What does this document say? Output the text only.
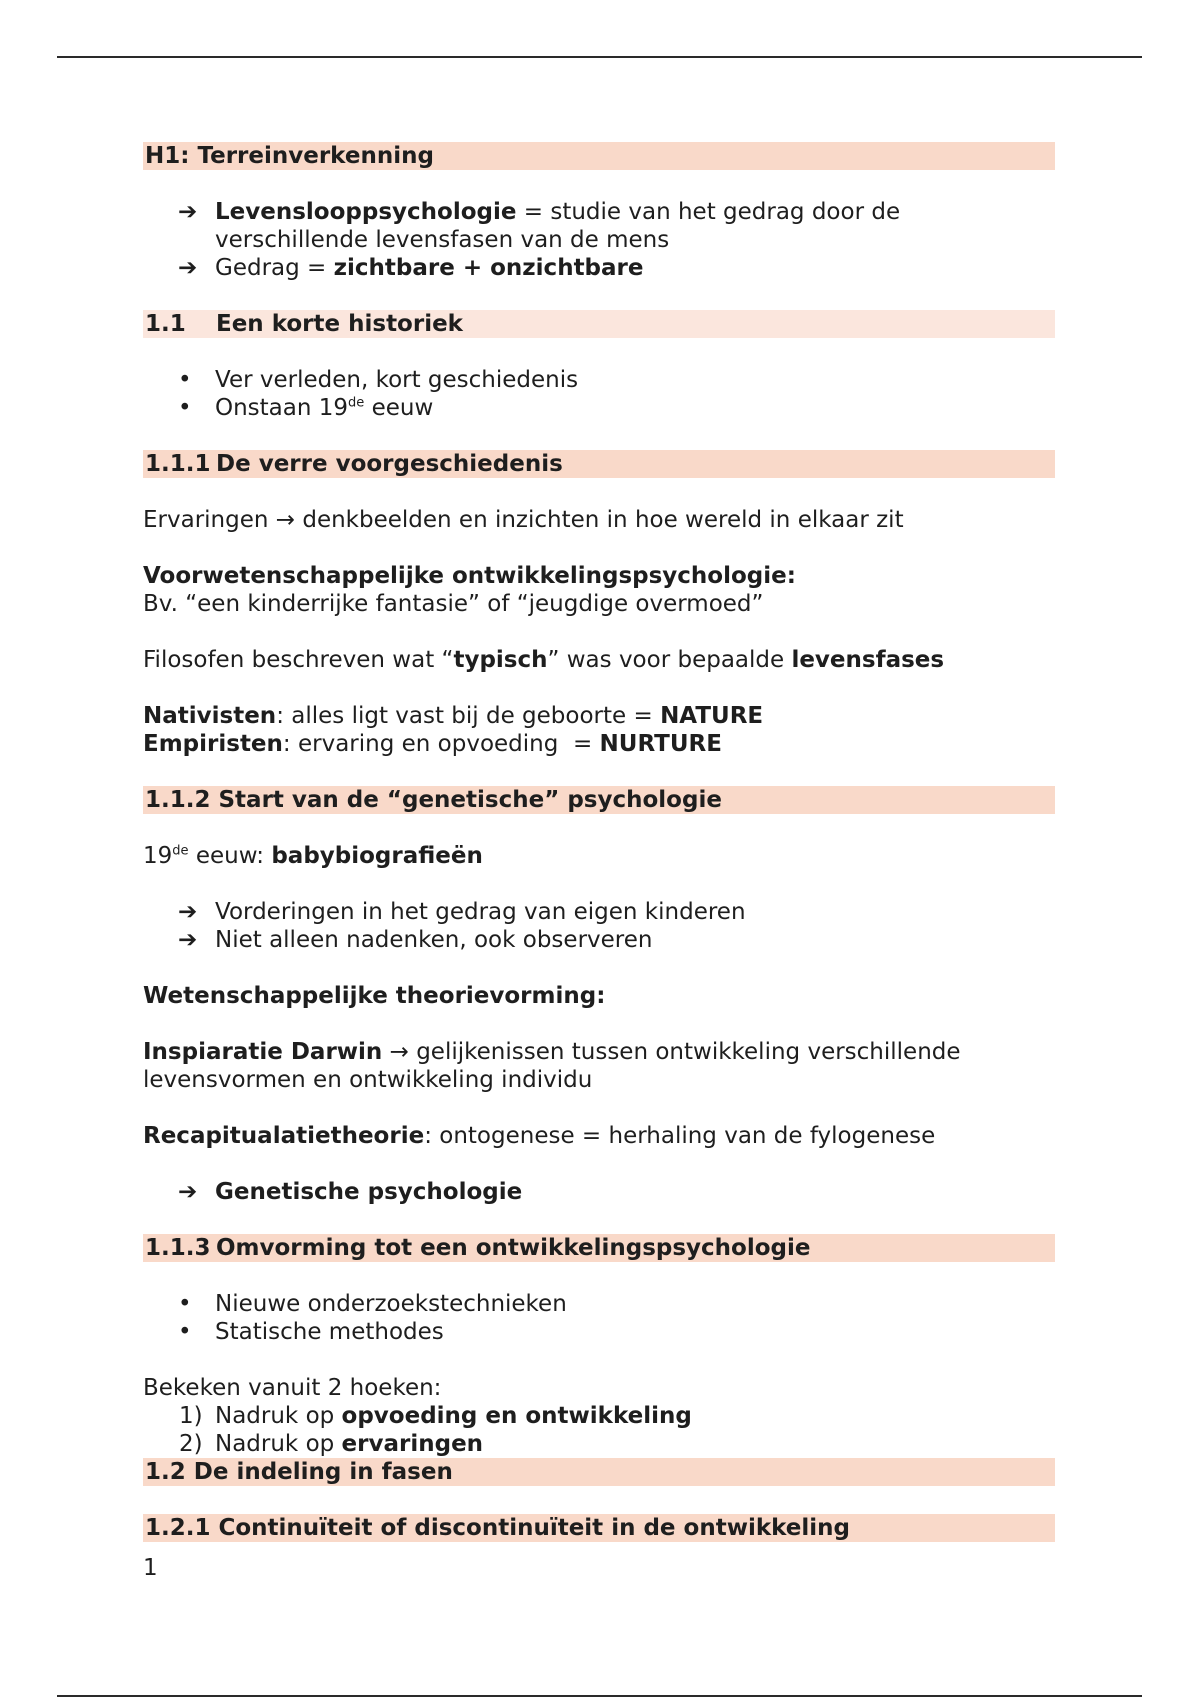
H1: Terreinverkenning
➔ Levenslooppsychologie = studie van het gedrag door de verschillende levensfasen van de mens
➔ Gedrag = zichtbare + onzichtbare
1.1 Een korte historiek
• Ver verleden, kort geschiedenis
• Onstaan 19de eeuw
1.1.1 De verre voorgeschiedenis

Ervaringen → denkbeelden en inzichten in hoe wereld in elkaar zit

Voorwetenschappelijke ontwikkelingspsychologie:

Bv. “een kinderrijke fantasie” of “jeugdige overmoed”

Filosofen beschreven wat “typisch” was voor bepaalde levensfases

Nativisten: alles ligt vast bij de geboorte = NATURE

Empiristen: ervaring en opvoeding  = NURTURE

1.1.2 Start van de “genetische” psychologie

19de eeuw: babybiografieën

➔ Vorderingen in het gedrag van eigen kinderen
➔ Niet alleen nadenken, ook observeren

Wetenschappelijke theorievorming:

Inspiaratie Darwin → gelijkenissen tussen ontwikkeling verschillende levensvormen en ontwikkeling individu

Recapitualatietheorie: ontogenese = herhaling van de fylogenese

➔ Genetische psychologie
1.1.3 Omvorming tot een ontwikkelingspsychologie
• Nieuwe onderzoekstechnieken
• Statische methodes

Bekeken vanuit 2 hoeken:

1) Nadruk op opvoeding en ontwikkeling
2) Nadruk op ervaringen
1.2 De indeling in fasen
1.2.1 Continuïteit of discontinuïteit in de ontwikkeling
1
